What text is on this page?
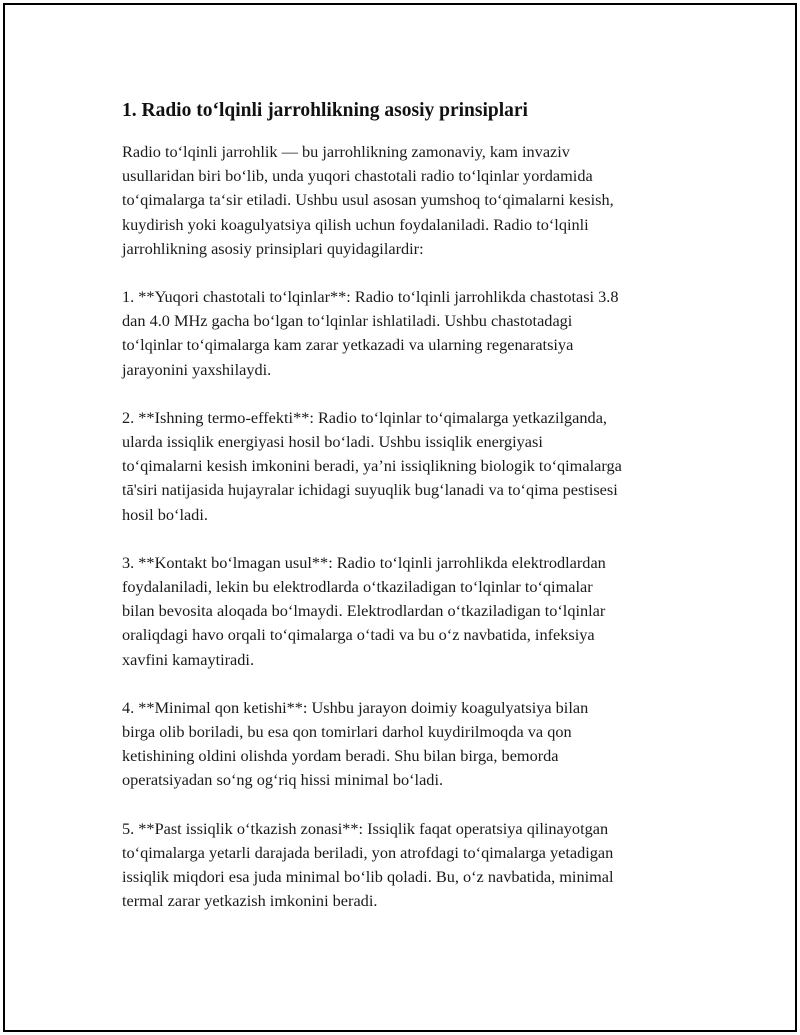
1. Radio to‘lqinli jarrohlikning asosiy prinsiplari

Radio to‘lqinli jarrohlik — bu jarrohlikning zamonaviy, kam invaziv
usullaridan biri bo‘lib, unda yuqori chastotali radio to‘lqinlar yordamida
to‘qimalarga ta‘sir etiladi. Ushbu usul asosan yumshoq to‘qimalarni kesish,
kuydirish yoki koagulyatsiya qilish uchun foydalaniladi. Radio to‘lqinli
jarrohlikning asosiy prinsiplari quyidagilardir:

1. **Yuqori chastotali to‘lqinlar**: Radio to‘lqinli jarrohlikda chastotasi 3.8
dan 4.0 MHz gacha bo‘lgan to‘lqinlar ishlatiladi. Ushbu chastotadagi
to‘lqinlar to‘qimalarga kam zarar yetkazadi va ularning regenaratsiya
jarayonini yaxshilaydi.

2. **Ishning termo-effekti**: Radio to‘lqinlar to‘qimalarga yetkazilganda,
ularda issiqlik energiyasi hosil bo‘ladi. Ushbu issiqlik energiyasi
to‘qimalarni kesish imkonini beradi, ya’ni issiqlikning biologik to‘qimalarga
tā'siri natijasida hujayralar ichidagi suyuqlik bug‘lanadi va to‘qima pestisesi
hosil bo‘ladi.

3. **Kontakt bo‘lmagan usul**: Radio to‘lqinli jarrohlikda elektrodlardan
foydalaniladi, lekin bu elektrodlarda o‘tkaziladigan to‘lqinlar to‘qimalar
bilan bevosita aloqada bo‘lmaydi. Elektrodlardan o‘tkaziladigan to‘lqinlar
oraliqdagi havo orqali to‘qimalarga o‘tadi va bu o‘z navbatida, infeksiya
xavfini kamaytiradi.

4. **Minimal qon ketishi**: Ushbu jarayon doimiy koagulyatsiya bilan
birga olib boriladi, bu esa qon tomirlari darhol kuydirilmoqda va qon
ketishining oldini olishda yordam beradi. Shu bilan birga, bemorda
operatsiyadan so‘ng og‘riq hissi minimal bo‘ladi.

5. **Past issiqlik o‘tkazish zonasi**: Issiqlik faqat operatsiya qilinayotgan
to‘qimalarga yetarli darajada beriladi, yon atrofdagi to‘qimalarga yetadigan
issiqlik miqdori esa juda minimal bo‘lib qoladi. Bu, o‘z navbatida, minimal
termal zarar yetkazish imkonini beradi.
